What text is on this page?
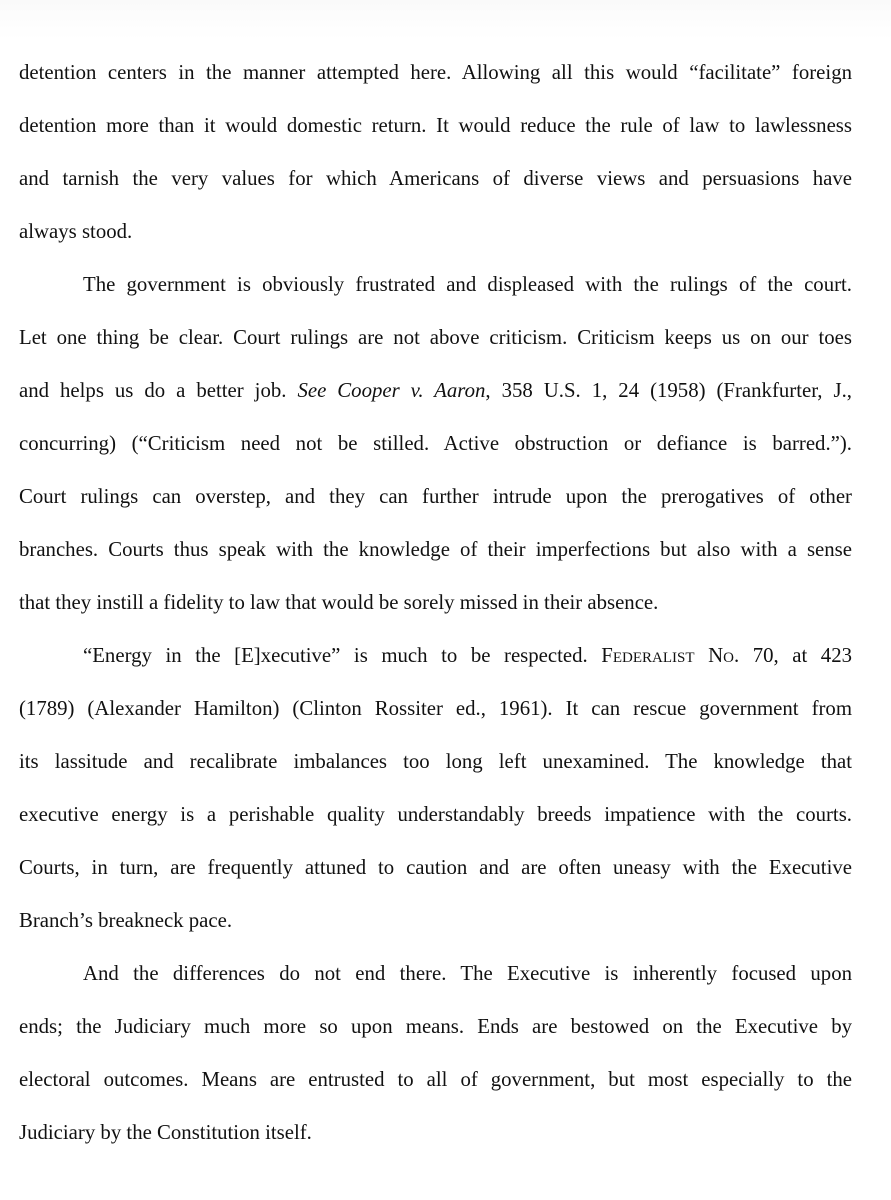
detention centers in the manner attempted here. Allowing all this would “facilitate” foreign
detention more than it would domestic return. It would reduce the rule of law to lawlessness
and tarnish the very values for which Americans of diverse views and persuasions have
always stood.
The government is obviously frustrated and displeased with the rulings of the court.
Let one thing be clear. Court rulings are not above criticism. Criticism keeps us on our toes
and helps us do a better job. See Cooper v. Aaron, 358 U.S. 1, 24 (1958) (Frankfurter, J.,
concurring) (“Criticism need not be stilled. Active obstruction or defiance is barred.”).
Court rulings can overstep, and they can further intrude upon the prerogatives of other
branches. Courts thus speak with the knowledge of their imperfections but also with a sense
that they instill a fidelity to law that would be sorely missed in their absence.
“Energy in the [E]xecutive” is much to be respected. Federalist No. 70, at 423
(1789) (Alexander Hamilton) (Clinton Rossiter ed., 1961). It can rescue government from
its lassitude and recalibrate imbalances too long left unexamined. The knowledge that
executive energy is a perishable quality understandably breeds impatience with the courts.
Courts, in turn, are frequently attuned to caution and are often uneasy with the Executive
Branch’s breakneck pace.
And the differences do not end there. The Executive is inherently focused upon
ends; the Judiciary much more so upon means. Ends are bestowed on the Executive by
electoral outcomes. Means are entrusted to all of government, but most especially to the
Judiciary by the Constitution itself.
